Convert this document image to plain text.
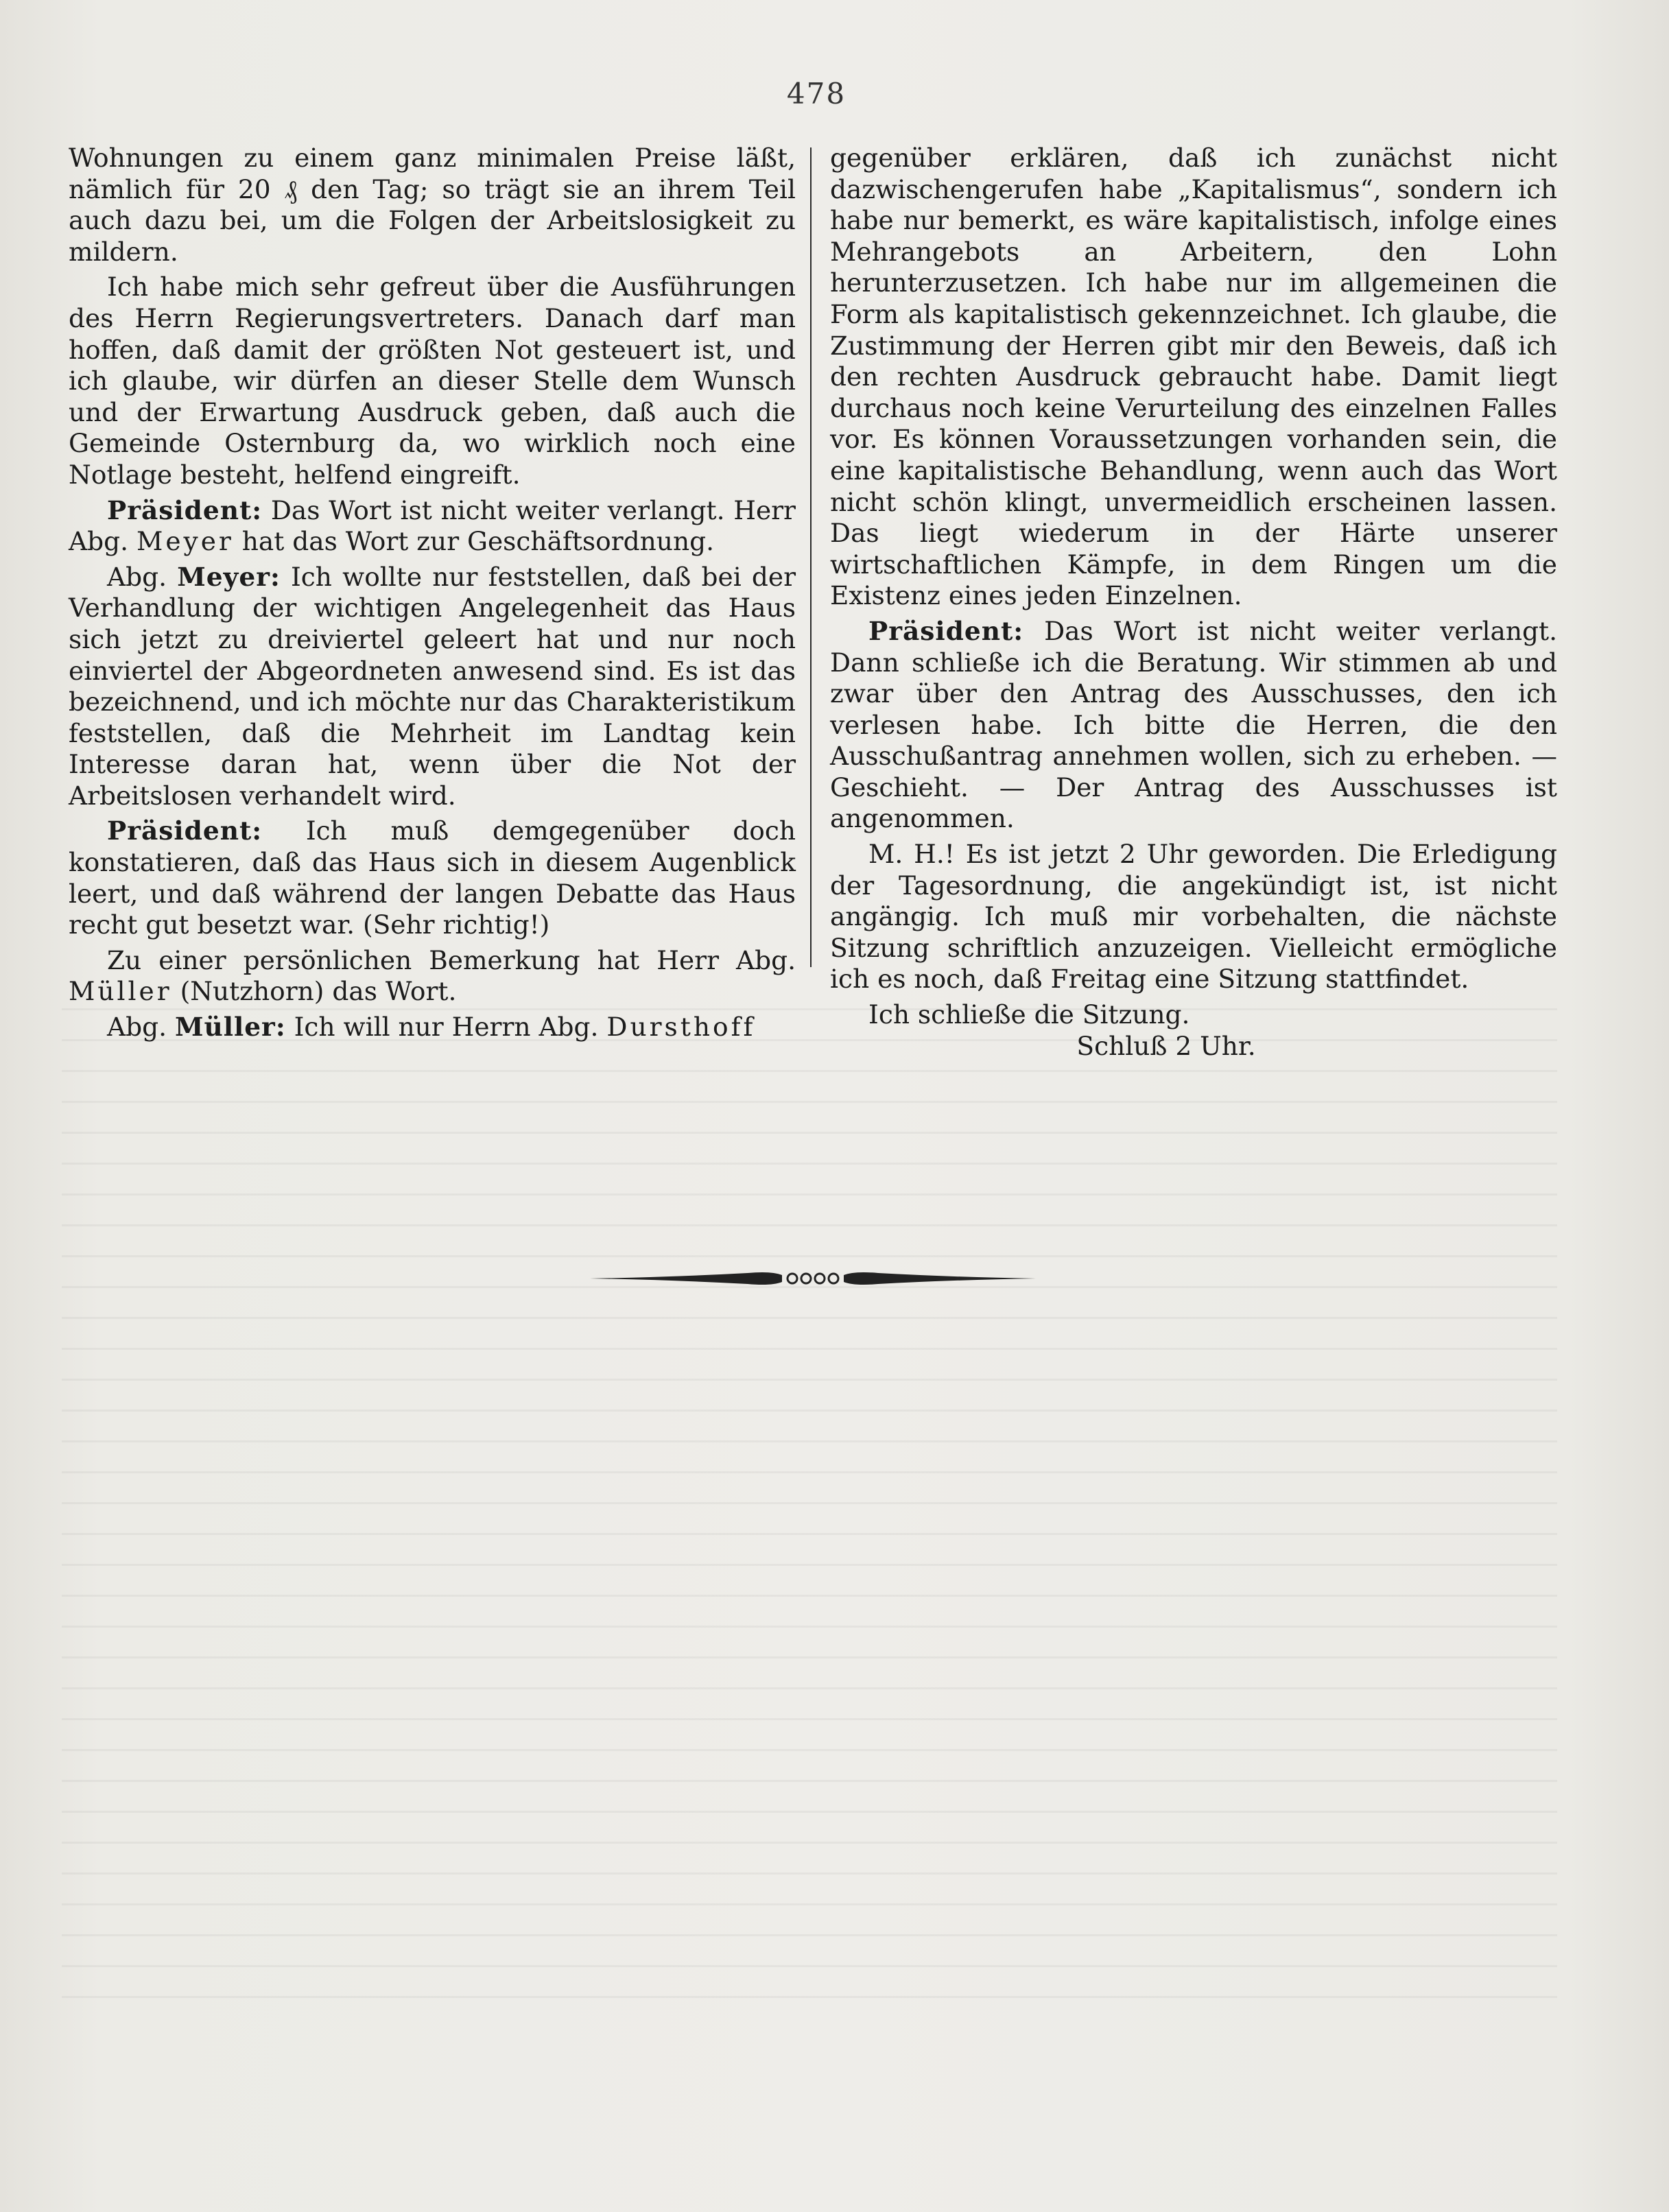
478

Wohnungen zu einem ganz minimalen Preise läßt, nämlich für 20 ₰ den Tag; so trägt sie an ihrem Teil auch dazu bei, um die Folgen der Arbeitslosigkeit zu mildern.

Ich habe mich sehr gefreut über die Ausführungen des Herrn Regierungsvertreters. Danach darf man hoffen, daß damit der größten Not gesteuert ist, und ich glaube, wir dürfen an dieser Stelle dem Wunsch und der Erwartung Ausdruck geben, daß auch die Gemeinde Osternburg da, wo wirklich noch eine Notlage besteht, helfend eingreift.

Präsident: Das Wort ist nicht weiter verlangt. Herr Abg. Meyer hat das Wort zur Geschäftsordnung.

Abg. Meyer: Ich wollte nur feststellen, daß bei der Verhandlung der wichtigen Angelegenheit das Haus sich jetzt zu dreiviertel geleert hat und nur noch einviertel der Abgeordneten anwesend sind. Es ist das bezeichnend, und ich möchte nur das Charakteristikum feststellen, daß die Mehrheit im Landtag kein Interesse daran hat, wenn über die Not der Arbeitslosen verhandelt wird.

Präsident: Ich muß demgegenüber doch konstatieren, daß das Haus sich in diesem Augenblick leert, und daß während der langen Debatte das Haus recht gut besetzt war. (Sehr richtig!)

Zu einer persönlichen Bemerkung hat Herr Abg. Müller (Nutzhorn) das Wort.

Abg. Müller: Ich will nur Herrn Abg. Dursthoff

gegenüber erklären, daß ich zunächst nicht dazwischengerufen habe „Kapitalismus“, sondern ich habe nur bemerkt, es wäre kapitalistisch, infolge eines Mehrangebots an Arbeitern, den Lohn herunterzusetzen. Ich habe nur im allgemeinen die Form als kapitalistisch gekennzeichnet. Ich glaube, die Zustimmung der Herren gibt mir den Beweis, daß ich den rechten Ausdruck gebraucht habe. Damit liegt durchaus noch keine Verurteilung des einzelnen Falles vor. Es können Voraussetzungen vorhanden sein, die eine kapitalistische Behandlung, wenn auch das Wort nicht schön klingt, unvermeidlich erscheinen lassen. Das liegt wiederum in der Härte unserer wirtschaftlichen Kämpfe, in dem Ringen um die Existenz eines jeden Einzelnen.

Präsident: Das Wort ist nicht weiter verlangt. Dann schließe ich die Beratung. Wir stimmen ab und zwar über den Antrag des Ausschusses, den ich verlesen habe. Ich bitte die Herren, die den Ausschußantrag annehmen wollen, sich zu erheben. — Geschieht. — Der Antrag des Ausschusses ist angenommen.

M. H.! Es ist jetzt 2 Uhr geworden. Die Erledigung der Tagesordnung, die angekündigt ist, ist nicht angängig. Ich muß mir vorbehalten, die nächste Sitzung schriftlich anzuzeigen. Vielleicht ermögliche ich es noch, daß Freitag eine Sitzung stattfindet.

Ich schließe die Sitzung.

Schluß 2 Uhr.
